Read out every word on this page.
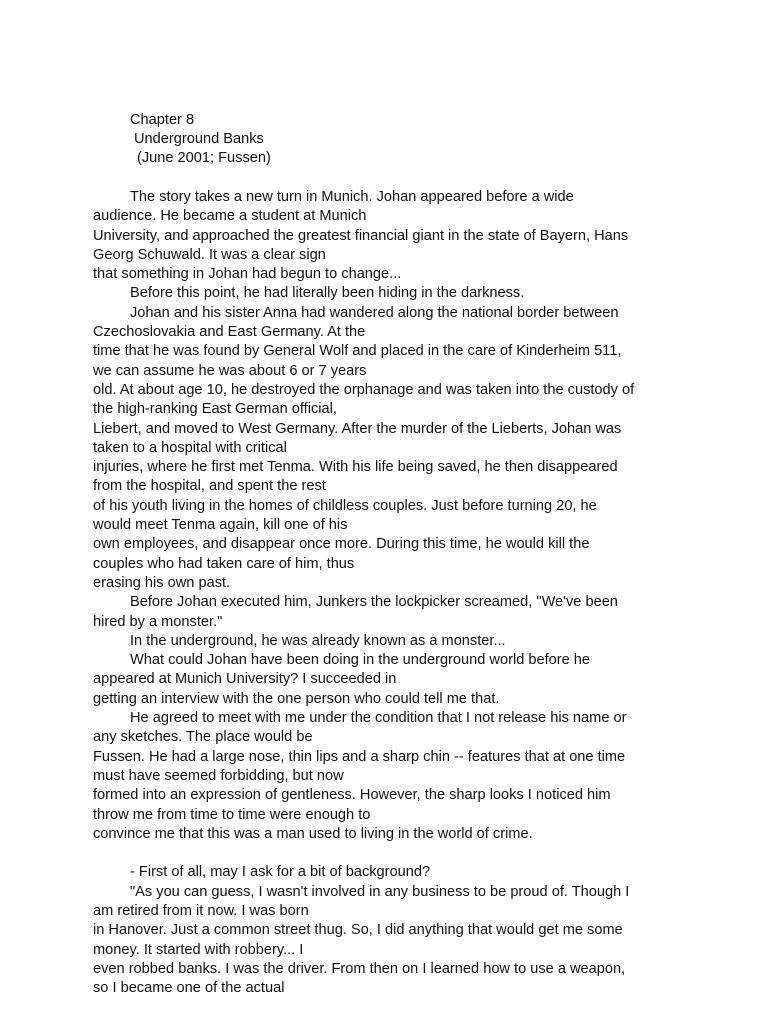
Chapter 8
Underground Banks
(June 2001; Fussen)
The story takes a new turn in Munich. Johan appeared before a wide
audience. He became a student at Munich
University, and approached the greatest financial giant in the state of Bayern, Hans
Georg Schuwald. It was a clear sign
that something in Johan had begun to change...
Before this point, he had literally been hiding in the darkness.
Johan and his sister Anna had wandered along the national border between
Czechoslovakia and East Germany. At the
time that he was found by General Wolf and placed in the care of Kinderheim 511,
we can assume he was about 6 or 7 years
old. At about age 10, he destroyed the orphanage and was taken into the custody of
the high-ranking East German official,
Liebert, and moved to West Germany. After the murder of the Lieberts, Johan was
taken to a hospital with critical
injuries, where he first met Tenma. With his life being saved, he then disappeared
from the hospital, and spent the rest
of his youth living in the homes of childless couples. Just before turning 20, he
would meet Tenma again, kill one of his
own employees, and disappear once more. During this time, he would kill the
couples who had taken care of him, thus
erasing his own past.
Before Johan executed him, Junkers the lockpicker screamed, "We've been
hired by a monster."
In the underground, he was already known as a monster...
What could Johan have been doing in the underground world before he
appeared at Munich University? I succeeded in
getting an interview with the one person who could tell me that.
He agreed to meet with me under the condition that I not release his name or
any sketches. The place would be
Fussen. He had a large nose, thin lips and a sharp chin -- features that at one time
must have seemed forbidding, but now
formed into an expression of gentleness. However, the sharp looks I noticed him
throw me from time to time were enough to
convince me that this was a man used to living in the world of crime.
- First of all, may I ask for a bit of background?
"As you can guess, I wasn't involved in any business to be proud of. Though I
am retired from it now. I was born
in Hanover. Just a common street thug. So, I did anything that would get me some
money. It started with robbery... I
even robbed banks. I was the driver. From then on I learned how to use a weapon,
so I became one of the actual
